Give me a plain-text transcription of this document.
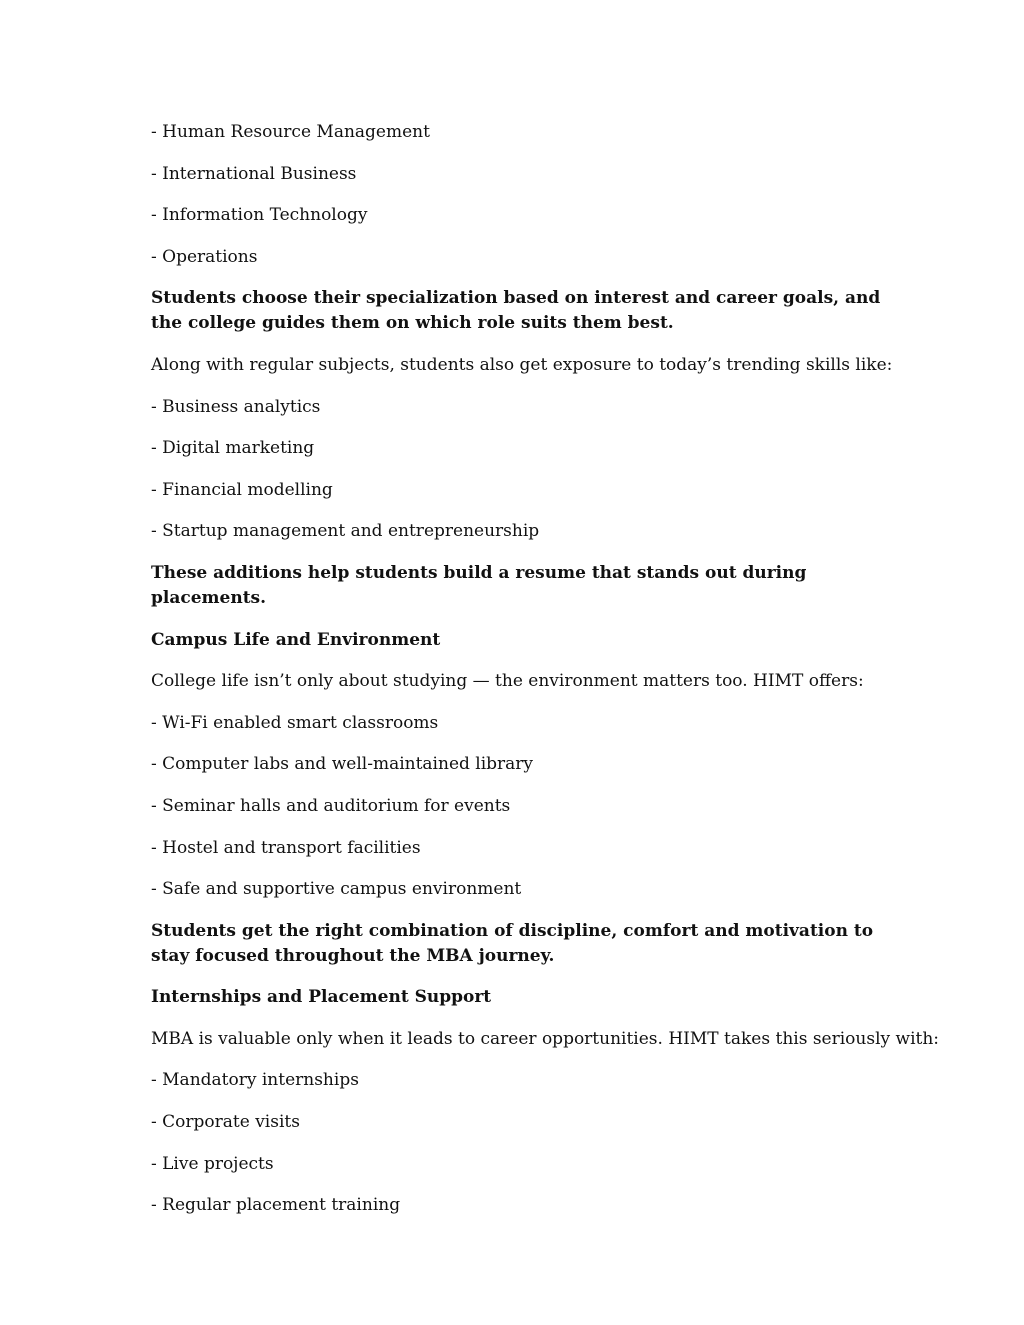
- Human Resource Management

- International Business

- Information Technology

- Operations

Students choose their specialization based on interest and career goals, and the college guides them on which role suits them best.

Along with regular subjects, students also get exposure to today’s trending skills like:

- Business analytics

- Digital marketing

- Financial modelling

- Startup management and entrepreneurship

These additions help students build a resume that stands out during placements.

Campus Life and Environment

College life isn’t only about studying — the environment matters too. HIMT offers:

- Wi-Fi enabled smart classrooms

- Computer labs and well-maintained library

- Seminar halls and auditorium for events

- Hostel and transport facilities

- Safe and supportive campus environment

Students get the right combination of discipline, comfort and motivation to stay focused throughout the MBA journey.

Internships and Placement Support

MBA is valuable only when it leads to career opportunities. HIMT takes this seriously with:

- Mandatory internships

- Corporate visits

- Live projects

- Regular placement training
